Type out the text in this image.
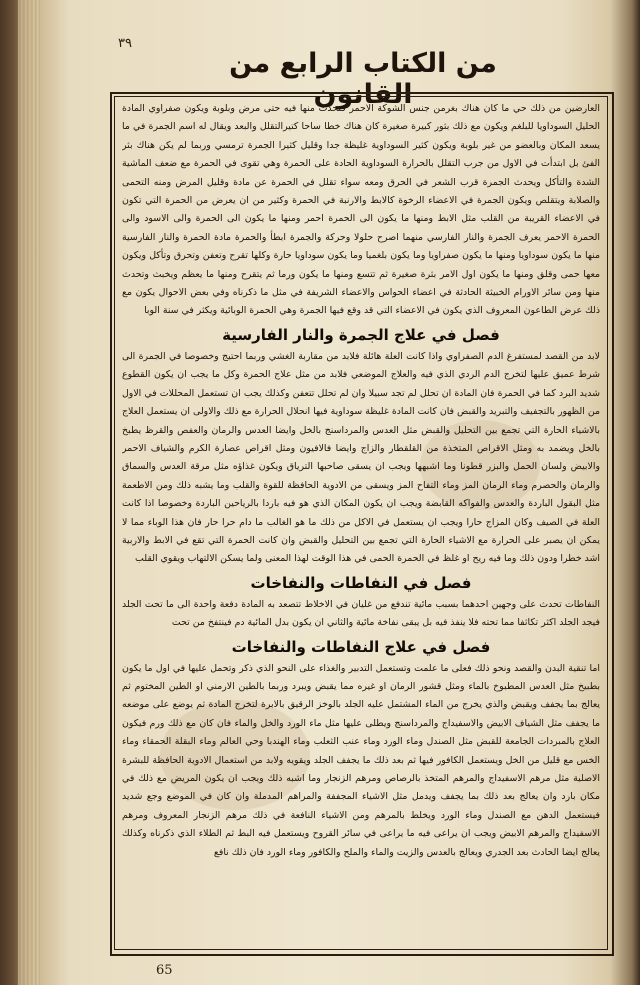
٣٩
من الكتاب الرابع من القانون

العارضين من ذلك حي ما كان هناك بغرمن جنس الشوكة الاحمر فتحدث منها فيه حتى مرض وبلوبة ويكون صفراوي المادة الحليل السوداويا للبلغم ويكون مع ذلك بثور كبيرة صغيرة كان هناك خطا ساحا كتيرالتقلل والبعد ويقال له اسم الجمرة في ما يسعد المكان وبالعضو من غير بلوبة ويكون كثير السوداوية غليظة جدا وقليل كثيرا الجمرة ترمسي وربما لم يكن هناك بثر الفئ بل ابتدأت في الاول من جرب التقلل بالحرارة السوداوية الحادة على الحمرة وهي تقوى في الحمرة مع ضعف الماشية الشدة والتأكل ويحدث الجمرة قرب الشعر في الحرق ومعه سواء تقلل في الحمرة عن مادة وقليل المرض ومنه التحمى والصلابة ويتقلص ويكون الجمرة في الاعضاء الرخوة كالابط والارنبة في الحمرة وكثير من ان يعرض من الحمرة التي تكون في الاعضاء القريبة من القلب مثل الابط ومنها ما يكون الى الحمرة احمر ومنها ما يكون الى الحمرة والى الاسود والى الحمرة الاحمر يعرف الجمرة والنار الفارسي منهما اصرح حلولا وحركة والجمرة ابطأ والحمرة مادة الحمرة والنار الفارسية منها ما يكون سوداويا ومنها ما يكون صفراويا وما يكون بلغميا وما يكون سوداويا حارة وكلها تقرح وتعفن وتحرق وتأكل ويكون معها حمى وقلق ومنها ما يكون اول الامر بثرة صغيرة ثم تتسع ومنها ما يكون ورما ثم يتقرح ومنها ما يعظم ويخبث وتحدث منها ومن سائر الاورام الخبيثة الحادثة في اعضاء الحواس والاعضاء الشريفة في مثل ما ذكرناه وفي بعض الاحوال يكون مع ذلك عرض الطاعون المعروف الذي يكون في الاعضاء التي قد وقع فيها الجمرة وهي الحمرة الوبائية ويكثر في سنة الوبا

فصل في علاج الجمرة والنار الفارسية

لابد من القصد لمستفرغ الدم الصفراوي واذا كانت العلة هائلة فلابد من مقاربة الغشي وربما احتيج وخصوصا في الجمرة الى شرط عميق عليها لتخرج الدم الردي الذي فيه والعلاج الموضعي فلابد من مثل علاج الحمرة وكل ما يجب ان يكون القطوع شديد البرد كما في الحمرة فان المادة ان تحلل لم تجد سبيلا وان لم تحلل تتعفن وكذلك يجب ان تستعمل المحللات في الاول من الظهور بالتجفيف والتبريد والقبض فان كانت المادة غليظة سوداوية فيها انحلال الحرارة مع ذلك والاولى ان يستعمل العلاج بالاشياء الحارة التي تجمع بين التحليل والقبض مثل العدس والمرداسنج بالخل وايضا العدس والرمان والعفص والقرظ يطبخ بالخل ويضمد به ومثل الاقراص المتخذة من القلقطار والزاج وايضا فالافيون ومثل اقراص عصارة الكرم والشياف الاحمر والابيض ولسان الحمل والبزر قطونا وما اشبهها ويجب ان يسقى صاحبها الترياق ويكون غذاؤه مثل مرقة العدس والسماق والرمان والحصرم وماء الرمان المز وماء التفاح المز ويسقى من الادوية الحافظة للقوة والقلب وما يشبه ذلك ومن الاطعمة مثل البقول الباردة والعدس والفواكه القابضة ويجب ان يكون المكان الذي هو فيه باردا بالرياحين الباردة وخصوصا اذا كانت العلة في الصيف وكان المزاج حارا ويجب ان يستعمل في الاكل من ذلك ما هو الغالب ما دام حرا حار فان هذا الوباء مما لا يمكن ان يصبر على الحرارة مع الاشياء الحارة التي تجمع بين التحليل والقبض وان كانت الحمرة التي تقع في الابط والاربية اشد خطرا ودون ذلك وما فيه ريح او غلظ في الحمرة الحمى في هذا الوقت لهذا المعنى ولما يسكن الالتهاب ويقوي القلب

فصل في النفاطات والنفاخات

النفاطات تحدث على وجهين احدهما بسبب مائية تندفع من غليان في الاخلاط تتصعد به المادة دفعة واحدة الى ما تحت الجلد فيجد الجلد اكثر تكاثفا مما تحته فلا ينفذ فيه بل يبقى نفاخة مائية والثاني ان يكون بدل المائية دم فينتفخ من تحت

فصل في علاج النفاطات والنفاخات

اما تنقية البدن والقصد ونحو ذلك فعلى ما علمت وتستعمل التدبير والغذاء على النحو الذي ذكر وتحمل عليها في اول ما يكون بطبيخ مثل العدس المطبوخ بالماء ومثل قشور الرمان او غيره مما يقبض ويبرد وربما بالطين الارمني او الطين المختوم ثم يعالج بما يجفف ويقبض والذي يخرج من الماء المشتمل عليه الجلد بالوخز الرقيق بالابرة لتخرج المادة ثم يوضع على موضعه ما يجفف مثل الشياف الابيض والاسفيداج والمرداسنج ويطلى عليها مثل ماء الورد والخل والماء فان كان مع ذلك ورم فيكون العلاج بالمبردات الجامعة للقبض مثل الصندل وماء الورد وماء عنب الثعلب وماء الهندبا وحي العالم وماء البقلة الحمقاء وماء الخس مع قليل من الخل ويستعمل الكافور فيها ثم بعد ذلك ما يجفف الجلد ويقويه ولابد من استعمال الادوية الحافظة للبشرة الاصلية مثل مرهم الاسفيداج والمرهم المتخذ بالرصاص ومرهم الزنجار وما اشبه ذلك ويجب ان يكون المريض مع ذلك في مكان بارد وان يعالج بعد ذلك بما يجفف ويدمل مثل الاشياء المجففة والمراهم المدملة وان كان في الموضع وجع شديد فيستعمل الدهن مع الصندل وماء الورد ويخلط بالمرهم ومن الاشياء النافعة في ذلك مرهم الزنجار المعروف ومرهم الاسفيداج والمرهم الابيض ويجب ان يراعى فيه ما يراعى في سائر القروح ويستعمل فيه البط ثم الطلاء الذي ذكرناه وكذلك يعالج ايضا الحادث بعد الجدري ويعالج بالعدس والزيت والماء والملح والكافور وماء الورد فان ذلك نافع

65
